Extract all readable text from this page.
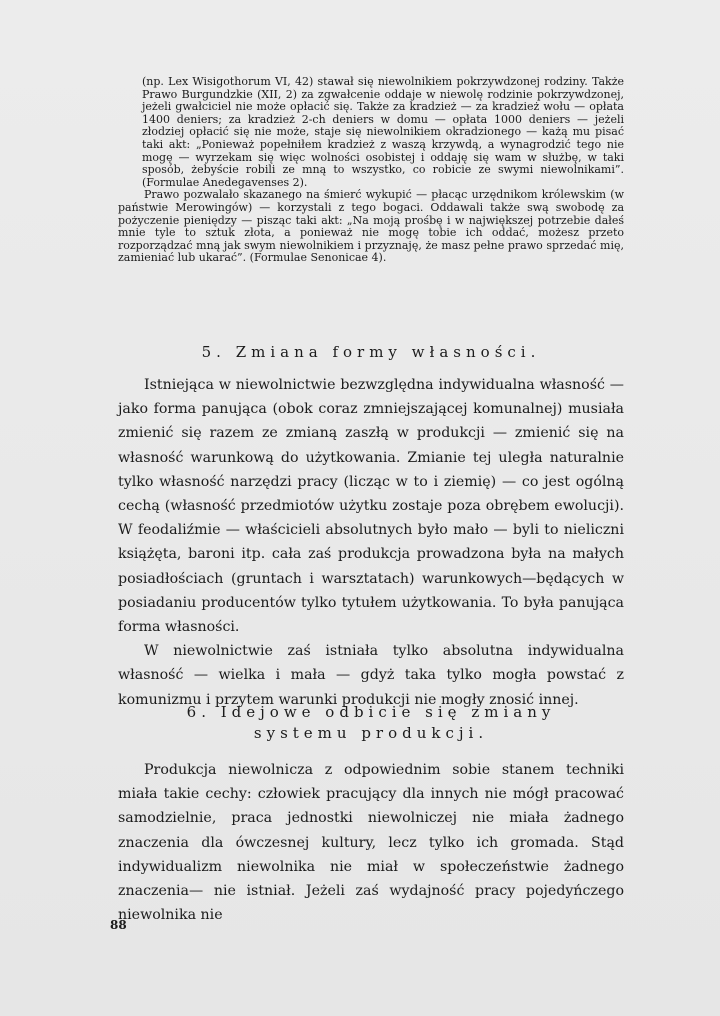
(np. Lex Wisigothorum VI, 42) stawał się niewolnikiem pokrzywdzonej rodziny. Także Prawo Burgundzkie (XII, 2) za zgwałcenie oddaje w niewolę rodzinie pokrzywdzonej, jeżeli gwałciciel nie może opłacić się. Także za kradzież — za kradzież wołu — opłata 1400 deniers; za kradzież 2-ch deniers w domu — opłata 1000 deniers — jeżeli złodziej opłacić się nie może, staje się niewolnikiem okradzionego — każą mu pisać taki akt: „Ponieważ popełniłem kradzież z waszą krzywdą, a wynagrodzić tego nie mogę — wyrzekam się więc wolności osobistej i oddaję się wam w służbę, w taki sposób, żebyście robili ze mną to wszystko, co robicie ze swymi niewolnikami”. (Formulae Anedegavenses 2).

Prawo pozwalało skazanego na śmierć wykupić — płacąc urzędnikom królewskim (w państwie Merowingów) — korzystali z tego bogaci. Oddawali także swą swobodę za pożyczenie pieniędzy — pisząc taki akt: „Na moją prośbę i w największej potrzebie dałeś mnie tyle to sztuk złota, a ponieważ nie mogę tobie ich oddać, możesz przeto rozporządzać mną jak swym niewolnikiem i przyznaję, że masz pełne prawo sprzedać mię, zamieniać lub ukarać”. (Formulae Senonicae 4).

5. Zmiana formy własności.

Istniejąca w niewolnictwie bezwzględna indywidualna własność — jako forma panująca (obok coraz zmniejszającej komunalnej) musiała zmienić się razem ze zmianą zaszłą w produkcji — zmienić się na własność warunkową do użytkowania. Zmianie tej uległa naturalnie tylko własność narzędzi pracy (licząc w to i ziemię) — co jest ogólną cechą (własność przedmiotów użytku zostaje poza obrębem ewolucji). W feodaliźmie — właścicieli absolutnych było mało — byli to nieliczni książęta, baroni itp. cała zaś produkcja prowadzona była na małych posiadłościach (gruntach i warsztatach) warunkowych—będących w posiadaniu producentów tylko tytułem użytkowania. To była panująca forma własności.

W niewolnictwie zaś istniała tylko absolutna indywidualna własność — wielka i mała — gdyż taka tylko mogła powstać z komunizmu i przytem warunki produkcji nie mogły znosić innej.

6. Idejowe odbicie się zmiany systemu produkcji.

Produkcja niewolnicza z odpowiednim sobie stanem techniki miała takie cechy: człowiek pracujący dla innych nie mógł pracować samodzielnie, praca jednostki niewolniczej nie miała żadnego znaczenia dla ówczesnej kultury, lecz tylko ich gromada. Stąd indywidualizm niewolnika nie miał w społeczeństwie żadnego znaczenia— nie istniał. Jeżeli zaś wydajność pracy pojedyńczego niewolnika nie

88
